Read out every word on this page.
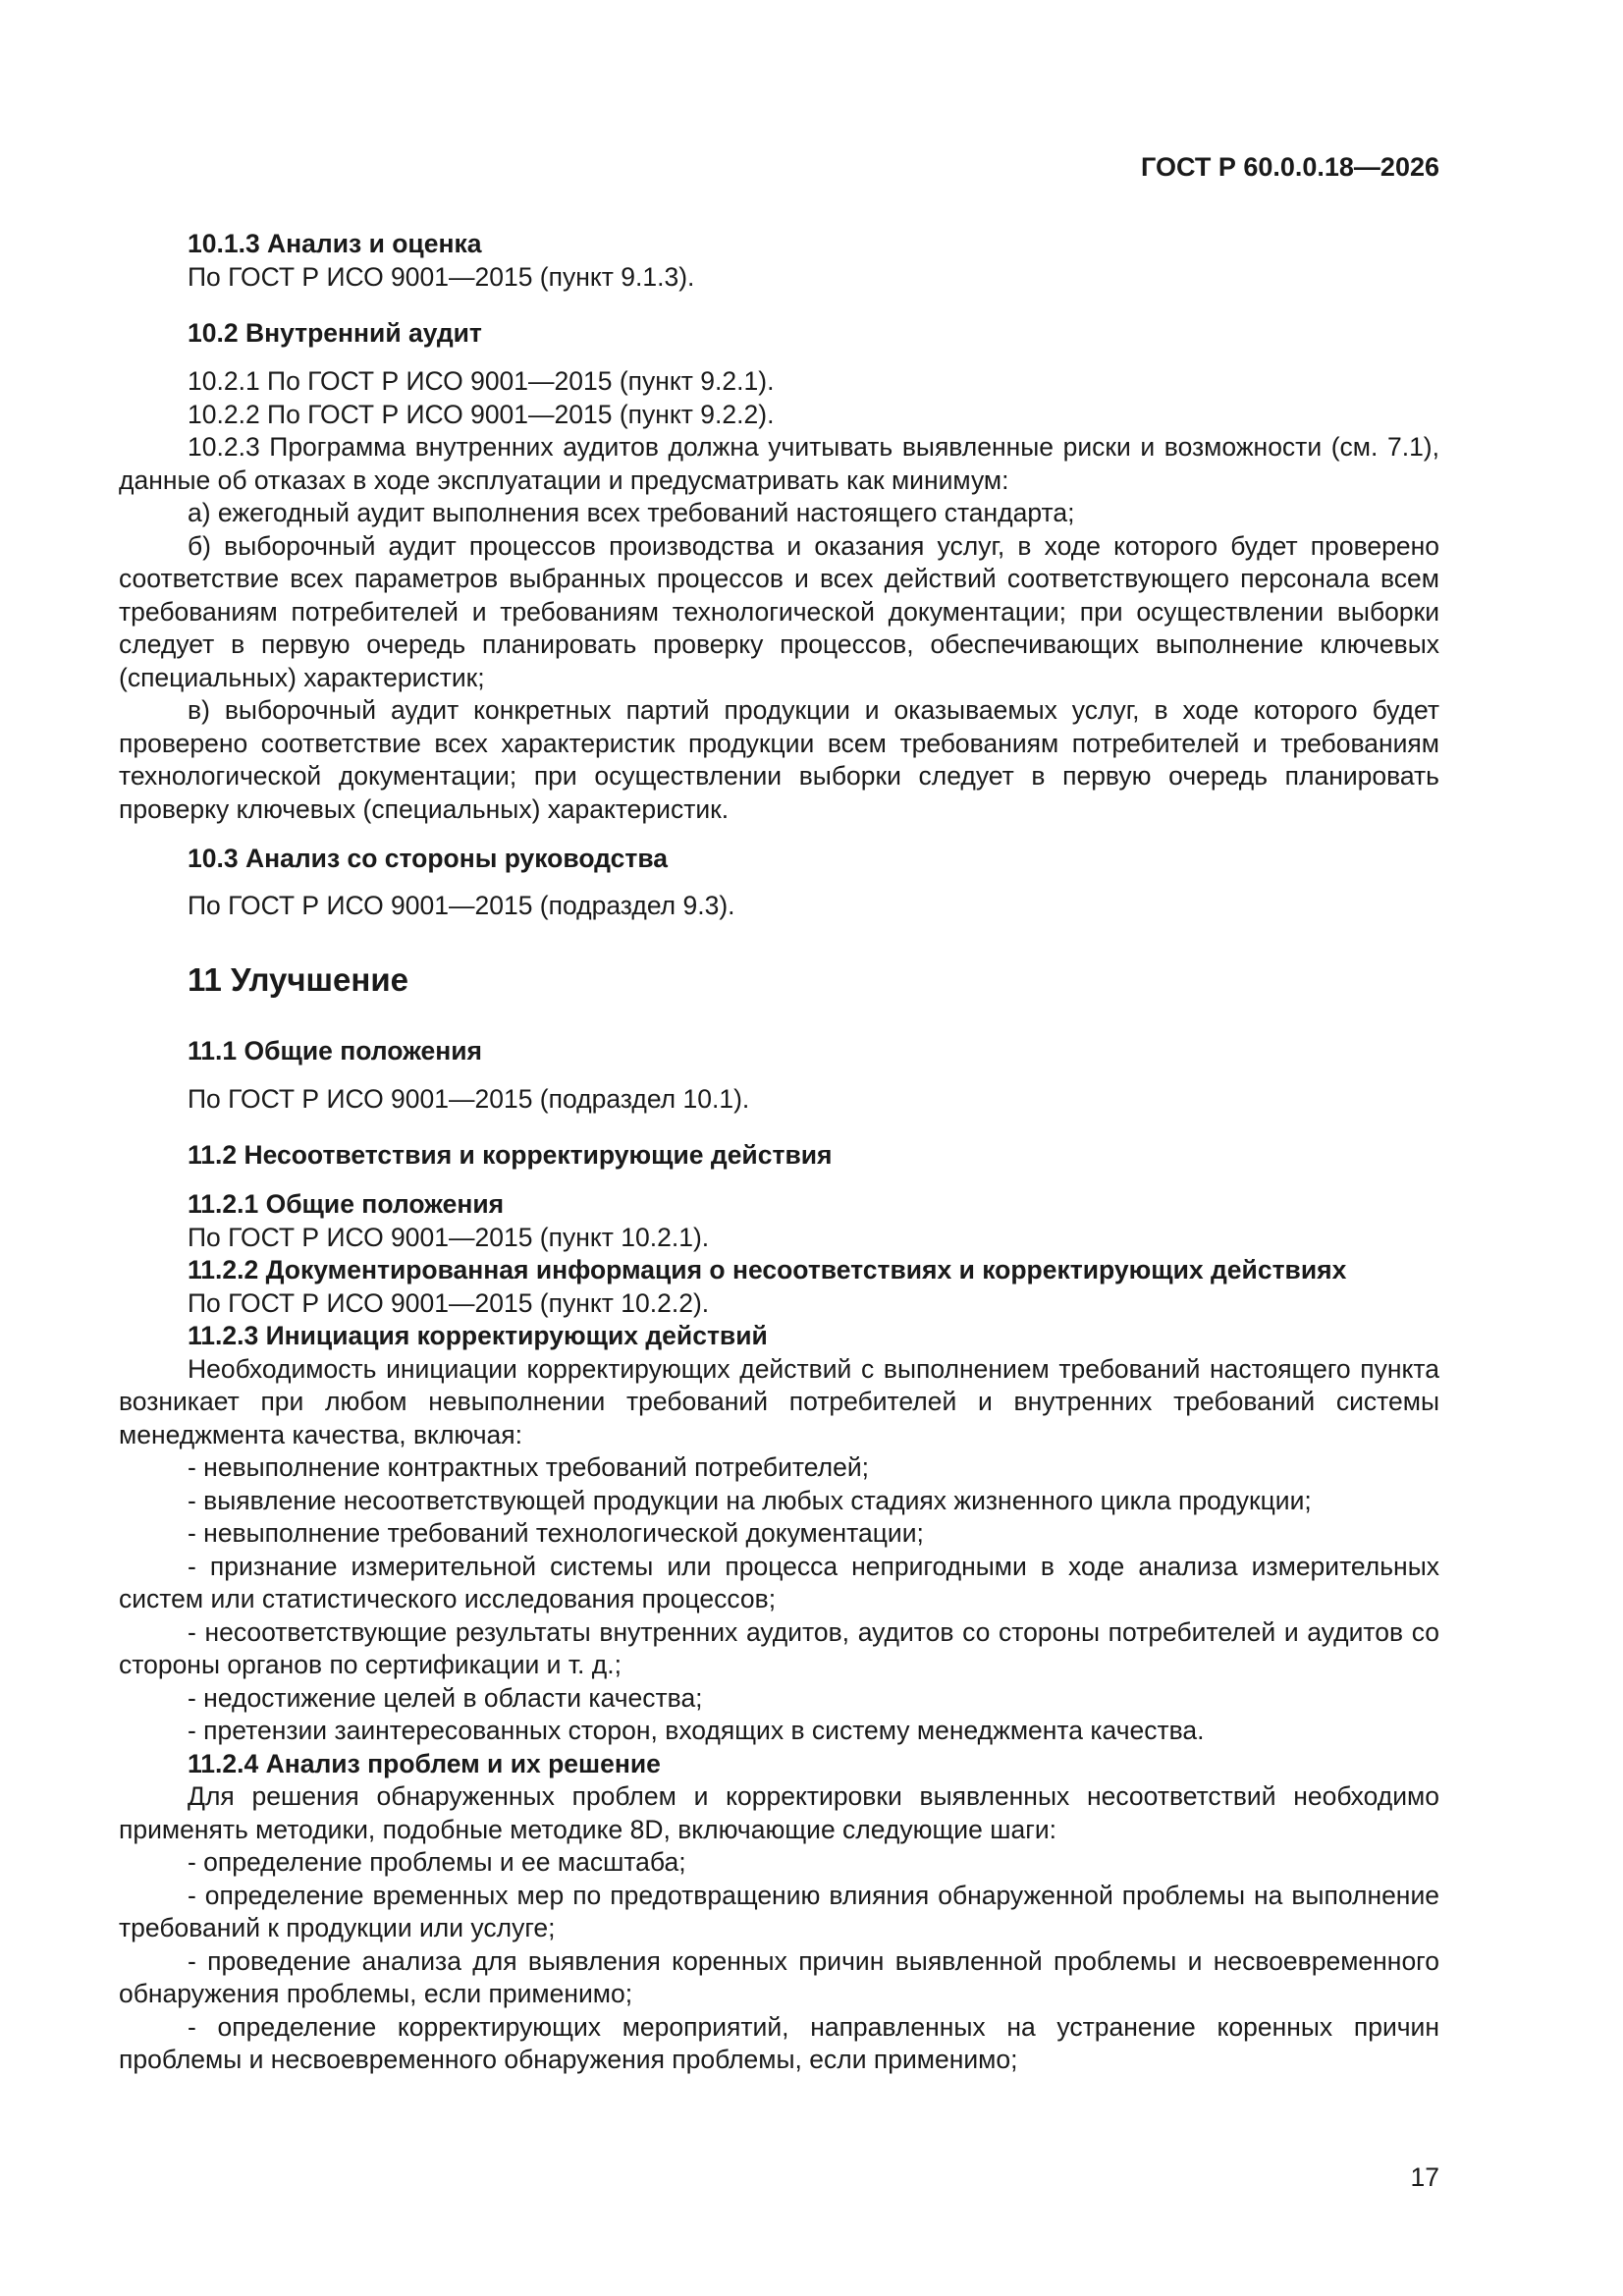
ГОСТ Р 60.0.0.18—2026
10.1.3 Анализ и оценка
По ГОСТ Р ИСО 9001—2015 (пункт 9.1.3).
10.2 Внутренний аудит
10.2.1 По ГОСТ Р ИСО 9001—2015 (пункт 9.2.1).
10.2.2 По ГОСТ Р ИСО 9001—2015 (пункт 9.2.2).
10.2.3 Программа внутренних аудитов должна учитывать выявленные риски и возможности (см. 7.1), данные об отказах в ходе эксплуатации и предусматривать как минимум:
а) ежегодный аудит выполнения всех требований настоящего стандарта;
б) выборочный аудит процессов производства и оказания услуг, в ходе которого будет проверено соответствие всех параметров выбранных процессов и всех действий соответствующего персонала всем требованиям потребителей и требованиям технологической документации; при осуществлении выборки следует в первую очередь планировать проверку процессов, обеспечивающих выполнение ключевых (специальных) характеристик;
в) выборочный аудит конкретных партий продукции и оказываемых услуг, в ходе которого будет проверено соответствие всех характеристик продукции всем требованиям потребителей и требованиям технологической документации; при осуществлении выборки следует в первую очередь планировать проверку ключевых (специальных) характеристик.
10.3 Анализ со стороны руководства
По ГОСТ Р ИСО 9001—2015 (подраздел 9.3).
11 Улучшение
11.1 Общие положения
По ГОСТ Р ИСО 9001—2015 (подраздел 10.1).
11.2 Несоответствия и корректирующие действия
11.2.1 Общие положения
По ГОСТ Р ИСО 9001—2015 (пункт 10.2.1).
11.2.2 Документированная информация о несоответствиях и корректирующих действиях
По ГОСТ Р ИСО 9001—2015 (пункт 10.2.2).
11.2.3 Инициация корректирующих действий
Необходимость инициации корректирующих действий с выполнением требований настоящего пункта возникает при любом невыполнении требований потребителей и внутренних требований системы менеджмента качества, включая:
- невыполнение контрактных требований потребителей;
- выявление несоответствующей продукции на любых стадиях жизненного цикла продукции;
- невыполнение требований технологической документации;
- признание измерительной системы или процесса непригодными в ходе анализа измерительных систем или статистического исследования процессов;
- несоответствующие результаты внутренних аудитов, аудитов со стороны потребителей и аудитов со стороны органов по сертификации и т. д.;
- недостижение целей в области качества;
- претензии заинтересованных сторон, входящих в систему менеджмента качества.
11.2.4 Анализ проблем и их решение
Для решения обнаруженных проблем и корректировки выявленных несоответствий необходимо применять методики, подобные методике 8D, включающие следующие шаги:
- определение проблемы и ее масштаба;
- определение временных мер по предотвращению влияния обнаруженной проблемы на выполнение требований к продукции или услуге;
- проведение анализа для выявления коренных причин выявленной проблемы и несвоевременного обнаружения проблемы, если применимо;
- определение корректирующих мероприятий, направленных на устранение коренных причин проблемы и несвоевременного обнаружения проблемы, если применимо;
17
